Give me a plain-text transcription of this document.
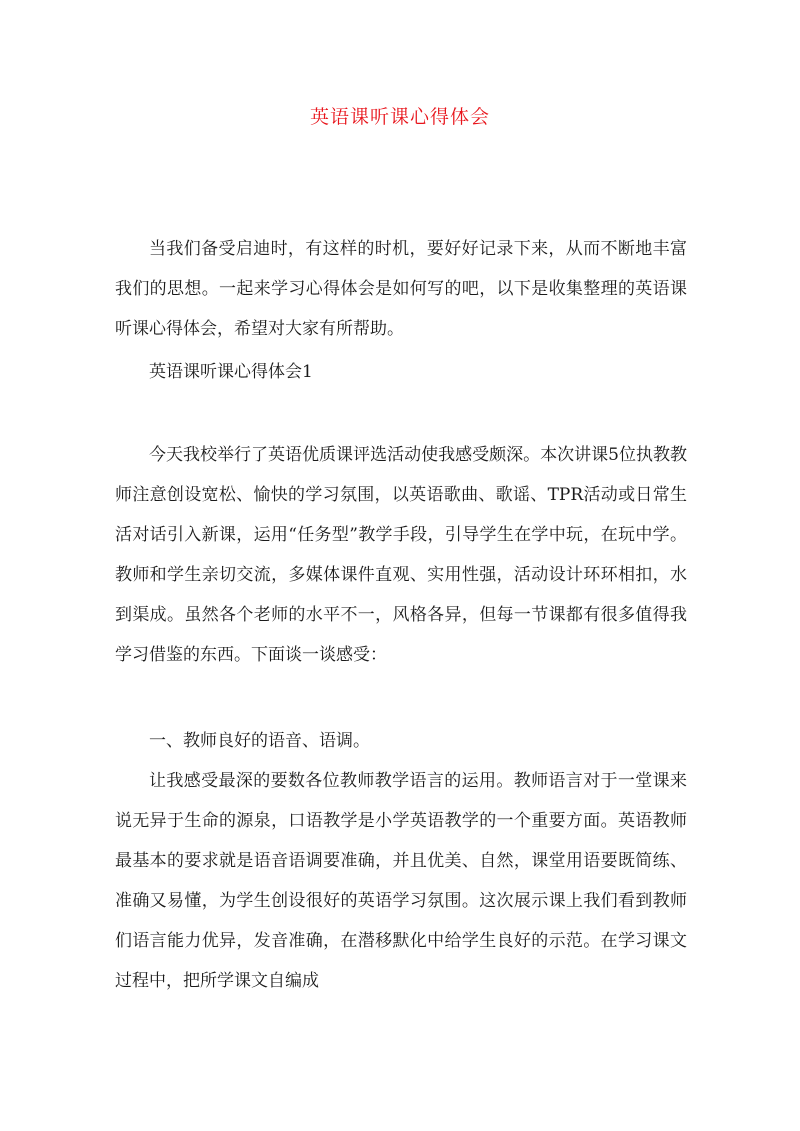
英语课听课心得体会

当我们备受启迪时，有这样的时机，要好好记录下来，从而不断地丰富我们的思想。一起来学习心得体会是如何写的吧，以下是收集整理的英语课听课心得体会，希望对大家有所帮助。

英语课听课心得体会1

今天我校举行了英语优质课评选活动使我感受颇深。本次讲课5位执教教师注意创设宽松、愉快的学习氛围，以英语歌曲、歌谣、TPR活动或日常生活对话引入新课，运用“任务型”教学手段，引导学生在学中玩，在玩中学。教师和学生亲切交流，多媒体课件直观、实用性强，活动设计环环相扣，水到渠成。虽然各个老师的水平不一，风格各异，但每一节课都有很多值得我学习借鉴的东西。下面谈一谈感受：

一、教师良好的语音、语调。

让我感受最深的要数各位教师教学语言的运用。教师语言对于一堂课来说无异于生命的源泉，口语教学是小学英语教学的一个重要方面。英语教师最基本的要求就是语音语调要准确，并且优美、自然，课堂用语要既简练、准确又易懂，为学生创设很好的英语学习氛围。这次展示课上我们看到教师们语言能力优异，发音准确，在潜移默化中给学生良好的示范。在学习课文过程中，把所学课文自编成
